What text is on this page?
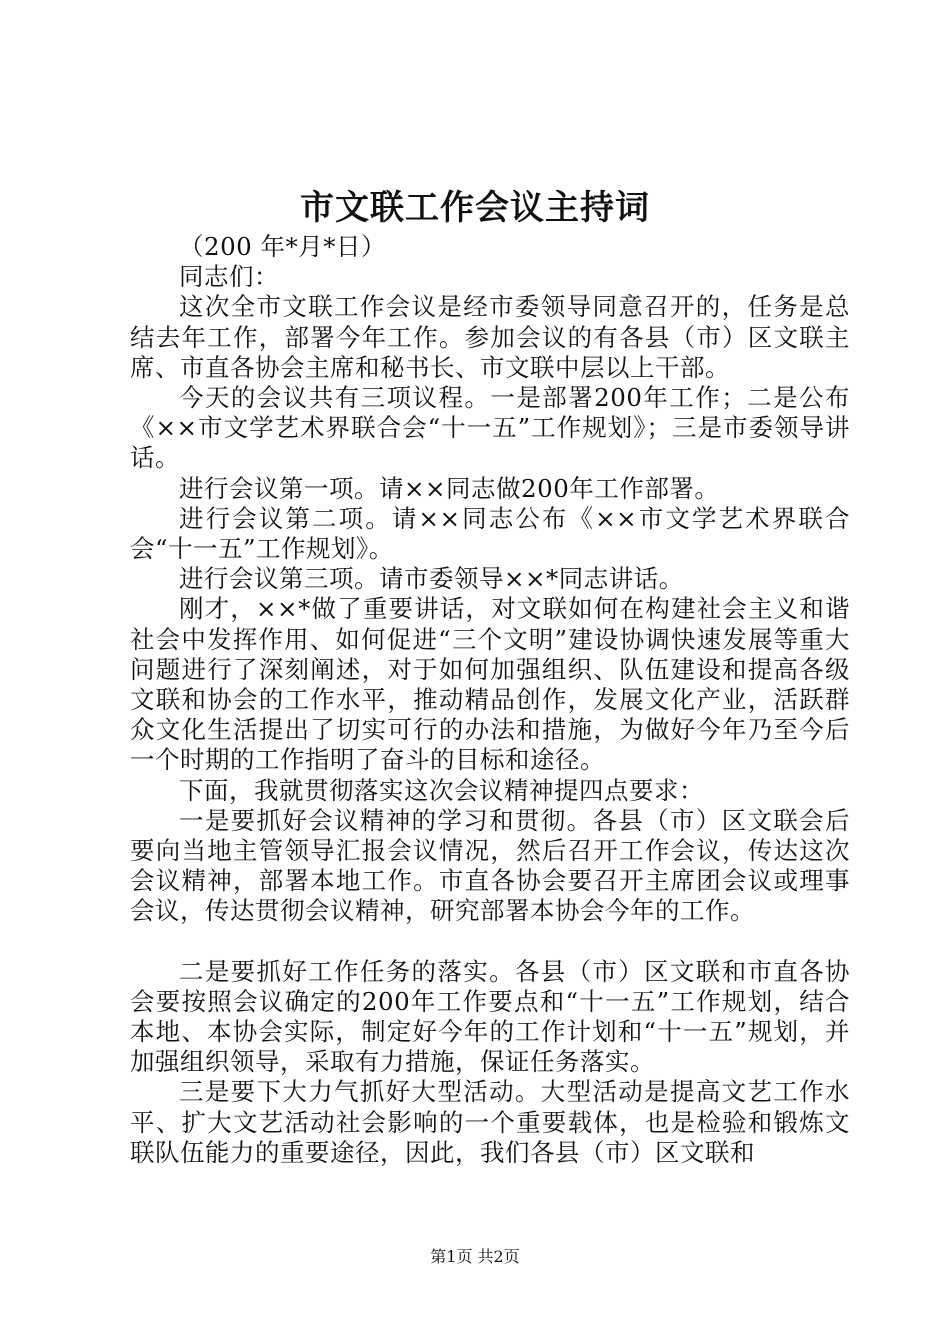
市文联工作会议主持词

（200 年*月*日）

同志们：

这次全市文联工作会议是经市委领导同意召开的，任务是总结去年工作，部署今年工作。参加会议的有各县（市）区文联主席、市直各协会主席和秘书长、市文联中层以上干部。

今天的会议共有三项议程。一是部署200年工作；二是公布《××市文学艺术界联合会“十一五”工作规划》；三是市委领导讲话。

进行会议第一项。请××同志做200年工作部署。

进行会议第二项。请××同志公布《××市文学艺术界联合会“十一五”工作规划》。

进行会议第三项。请市委领导××*同志讲话。

刚才，××*做了重要讲话，对文联如何在构建社会主义和谐社会中发挥作用、如何促进“三个文明”建设协调快速发展等重大问题进行了深刻阐述，对于如何加强组织、队伍建设和提高各级文联和协会的工作水平，推动精品创作，发展文化产业，活跃群众文化生活提出了切实可行的办法和措施，为做好今年乃至今后一个时期的工作指明了奋斗的目标和途径。

下面，我就贯彻落实这次会议精神提四点要求：

一是要抓好会议精神的学习和贯彻。各县（市）区文联会后要向当地主管领导汇报会议情况，然后召开工作会议，传达这次会议精神，部署本地工作。市直各协会要召开主席团会议或理事会议，传达贯彻会议精神，研究部署本协会今年的工作。

二是要抓好工作任务的落实。各县（市）区文联和市直各协会要按照会议确定的200年工作要点和“十一五”工作规划，结合本地、本协会实际，制定好今年的工作计划和“十一五”规划，并加强组织领导，采取有力措施，保证任务落实。

三是要下大力气抓好大型活动。大型活动是提高文艺工作水平、扩大文艺活动社会影响的一个重要载体，也是检验和锻炼文联队伍能力的重要途径，因此，我们各县（市）区文联和

第1页 共2页
